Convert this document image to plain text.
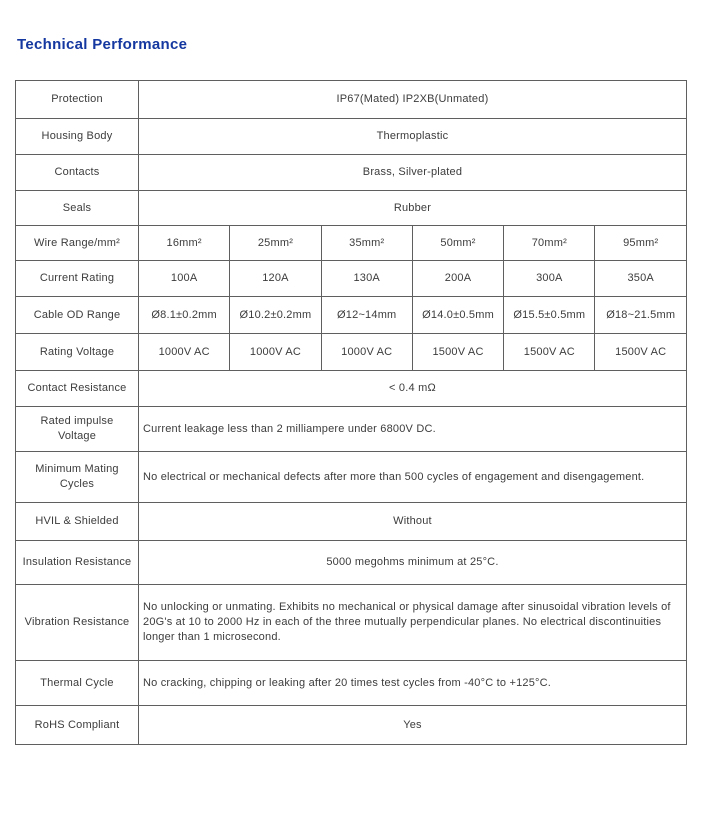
Technical Performance
Protection	IP67(Mated) IP2XB(Unmated)					
Housing Body	Thermoplastic					
Contacts	Brass, Silver-plated					
Seals	Rubber					
Wire Range/mm²	16mm²	25mm²	35mm²	50mm²	70mm²	95mm²
Current Rating	100A	120A	130A	200A	300A	350A
Cable OD Range	Ø8.1±0.2mm	Ø10.2±0.2mm	Ø12~14mm	Ø14.0±0.5mm	Ø15.5±0.5mm	Ø18~21.5mm
Rating Voltage	1000V AC	1000V AC	1000V AC	1500V AC	1500V AC	1500V AC
Contact Resistance	< 0.4 mΩ					
Rated impulse Voltage	Current leakage less than 2 milliampere under 6800V DC.					
Minimum Mating Cycles	No electrical or mechanical defects after more than 500 cycles of engagement and disengagement.					
HVIL & Shielded	Without					
Insulation Resistance	5000 megohms minimum at 25°C.					
Vibration Resistance	No unlocking or unmating. Exhibits no mechanical or physical damage after sinusoidal vibration levels of 20G's at 10 to 2000 Hz in each of the three mutually perpendicular planes. No electrical discontinuities longer than 1 microsecond.					
Thermal Cycle	No cracking, chipping or leaking after 20 times test cycles from -40°C to +125°C.					
RoHS Compliant	Yes					
